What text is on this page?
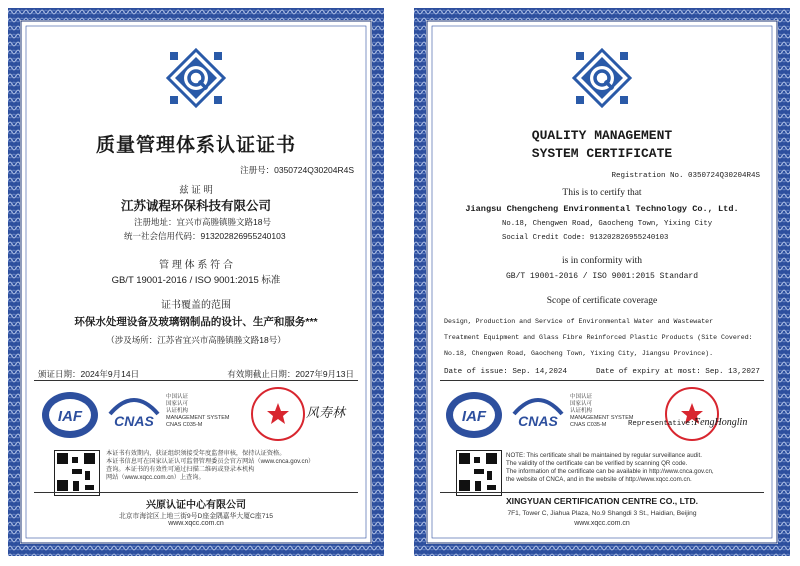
质量管理体系认证证书
注册号：0350724Q30204R4S
兹 证 明
江苏诚程环保科技有限公司
注册地址：宜兴市高塍镇塍文路18号
统一社会信用代码：913202826955240103
管 理 体 系 符 合
GB/T 19001-2016 / ISO 9001:2015 标准
证书覆盖的范围
环保水处理设备及玻璃钢制品的设计、生产和服务***
（涉及场所：江苏省宜兴市高塍镇塍文路18号）
颁证日期：2024年9月14日	有效期截止日期：2027年9月13日
IAF CNAS
中国认证
国家认可
认证机构
MANAGEMENT SYSTEM
CNAS C035-M
风寿林
本证书有效期内，获证组织须接受年度监督审核，保持认证资格。
本证书信息可在国家认证认可监督管理委员会官方网站（www.cnca.gov.cn）
查询。本证书的有效性可通过扫描二维码或登录本机构
网站（www.xqcc.com.cn）上查询。
兴原认证中心有限公司
北京市海淀区上地三街9号D座金隅嘉华大厦C座715
www.xqcc.com.cn
QUALITY MANAGEMENT
SYSTEM CERTIFICATE
Registration No. 0350724Q30204R4S
This is to certify that
Jiangsu Chengcheng Environmental Technology Co., Ltd.
No.18, Chengwen Road, Gaocheng Town, Yixing City
Social Credit Code: 913202826955240103
is in conformity with
GB/T 19001-2016 / ISO 9001:2015 Standard
Scope of certificate coverage
Design, Production and Service of Environmental Water and Wastewater
Treatment Equipment and Glass Fibre Reinforced Plastic Products (Site Covered:
No.18, Chengwen Road, Gaocheng Town, Yixing City, Jiangsu Province).
Date of issue: Sep. 14,2024	Date of expiry at most: Sep. 13,2027
IAF CNAS
中国认证
国家认可
认证机构
MANAGEMENT SYSTEM
CNAS C035-M	Representative: FengHonglin
NOTE: This certificate shall be maintained by regular surveillance audit.
The validity of the certificate can be verified by scanning QR code.
The information of the certificate can be available in http://www.cnca.gov.cn,
the website of CNCA, and in the website of http://www.xqcc.com.cn.
XINGYUAN CERTIFICATION CENTRE CO., LTD.
7F1, Tower C, Jiahua Plaza, No.9 Shangdi 3 St., Haidian, Beijing
www.xqcc.com.cn
